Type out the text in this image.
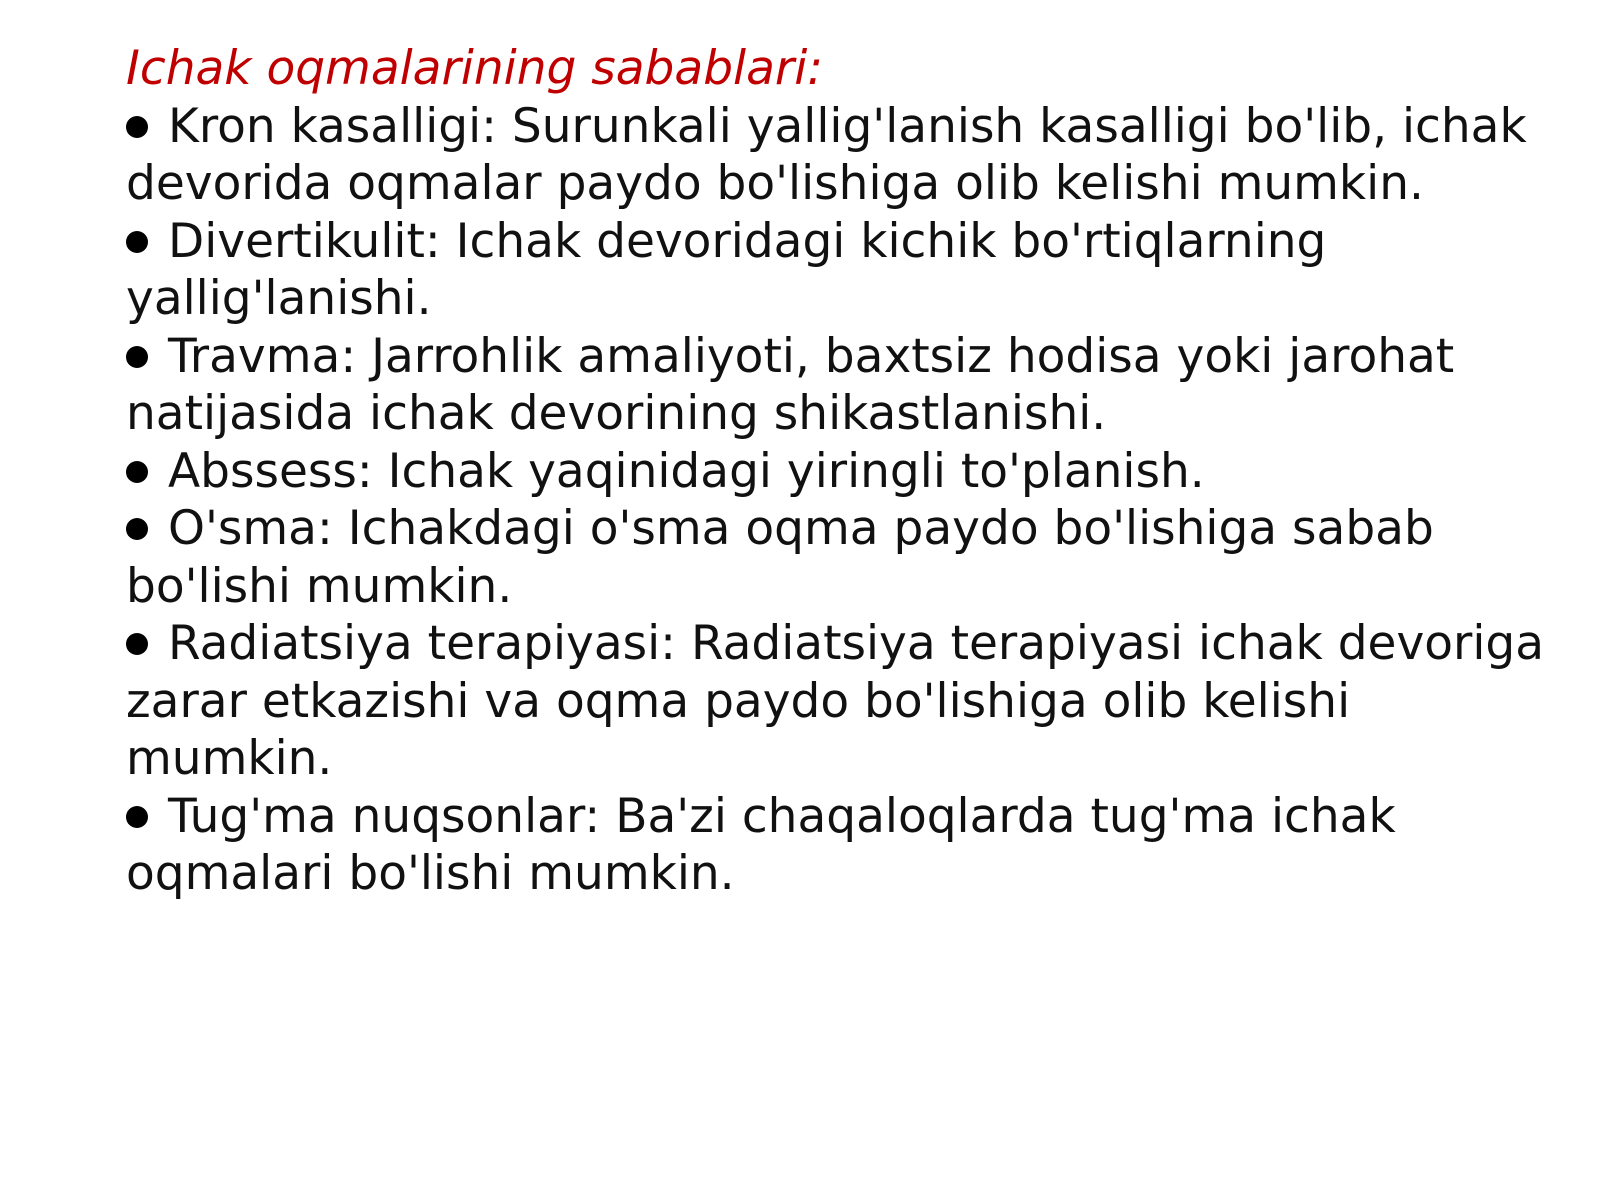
Ichak oqmalarining sabablari:
Kron kasalligi: Surunkali yallig'lanish kasalligi bo'lib, ichak devorida oqmalar paydo bo'lishiga olib kelishi mumkin.
Divertikulit: Ichak devoridagi kichik bo'rtiqlarning yallig'lanishi.
Travma: Jarrohlik amaliyoti, baxtsiz hodisa yoki jarohat natijasida ichak devorining shikastlanishi.
Abssess: Ichak yaqinidagi yiringli to'planish.
O'sma: Ichakdagi o'sma oqma paydo bo'lishiga sabab bo'lishi mumkin.
Radiatsiya terapiyasi: Radiatsiya terapiyasi ichak devoriga zarar etkazishi va oqma paydo bo'lishiga olib kelishi mumkin.
Tug'ma nuqsonlar: Ba'zi chaqaloqlarda tug'ma ichak oqmalari bo'lishi mumkin.
